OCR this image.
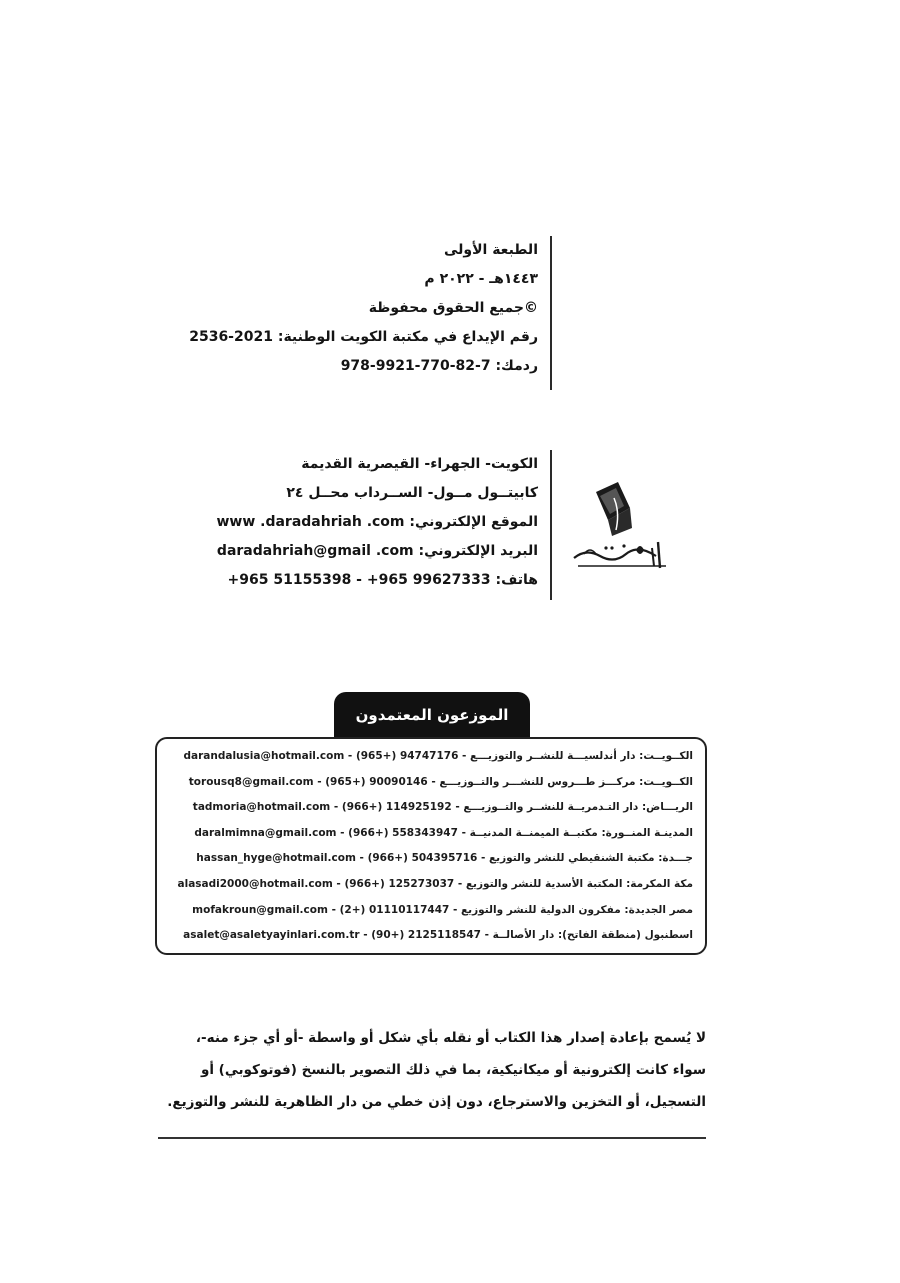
الطبعة الأولى
١٤٤٣هـ - ٢٠٢٢ م
©جميع الحقوق محفوظة
رقم الإيداع في مكتبة الكويت الوطنية: 2536-2021
ردمك: 978-9921-770-82-7
الكويت- الجهراء- القيصرية القديمة
كابيتــول مــول- الســرداب محــل ٢٤
الموقع الإلكتروني: www .daradahriah .com
البريد الإلكتروني: daradahriah@gmail .com
هاتف: +965 51155398 - +965 99627333
الموزعون المعتمدون
الكــويــت: دار أندلسيـــة للنشــر والتوزيـــع - 94747176 (+965) - darandalusia@hotmail.com
الكــويــت: مركـــز طـــروس للنشـــر والتــوزيـــع - 90090146 (+965) - torousq8@gmail.com
الريـــاض: دار التـدمريــة للنشــر والتــوزيـــع - 114925192 (+966) - tadmoria@hotmail.com
المدينـة المنــورة: مكتبــة الميمنــة المدنيــة - 558343947 (+966) - daralmimna@gmail.com
جـــدة: مكتبة الشنقيطي للنشر والتوزيع - 504395716 (+966) - hassan_hyge@hotmail.com
مكة المكرمة: المكتبة الأسدية للنشر والتوزيع - 125273037 (+966) - alasadi2000@hotmail.com
مصر الجديدة: مفكرون الدولية للنشر والتوزيع - 01110117447 (+2) - mofakroun@gmail.com
اسطنبول (منطقة الفاتح): دار الأصالــة - 2125118547 (+90) - asalet@asaletyayinlari.com.tr
لا يُسمح بإعادة إصدار هذا الكتاب أو نقله بأي شكل أو واسطة -أو أي جزء منه-،
سواء كانت إلكترونية أو ميكانيكية، بما في ذلك التصوير بالنسخ (فوتوكوبي) أو
التسجيل، أو التخزين والاسترجاع، دون إذن خطي من دار الظاهرية للنشر والتوزيع.
